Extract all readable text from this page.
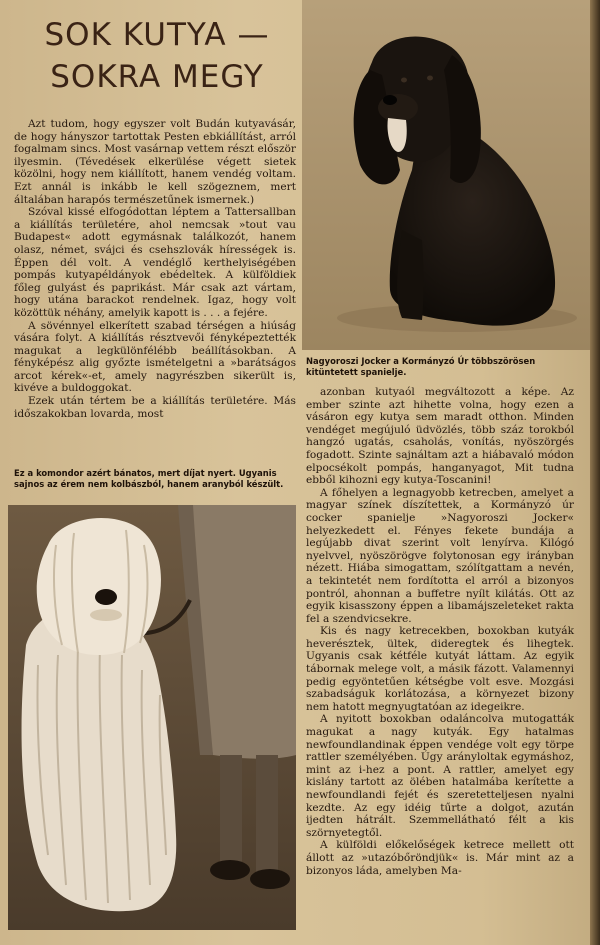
SOK KUTYA —
SOKRA MEGY

Azt tudom, hogy egyszer volt Budán kutyavásár, de hogy hányszor tartottak Pesten ebkiállítást, arról fogalmam sincs. Most vasárnap vettem részt először ilyesmin. (Tévedések elkerülése végett sietek közölni, hogy nem kiállított, hanem vendég voltam. Ezt annál is inkább le kell szögeznem, mert általában harapós természetűnek ismernek.)

Szóval kissé elfogódottan léptem a Tattersallban a kiállítás területére, ahol nemcsak »tout vau Budapest« adott egymásnak találkozót, hanem olasz, német, svájci és csehszlovák hírességek is. Éppen dél volt. A vendéglő kerthelyiségében pompás kutyapéldányok ebédeltek. A külföldiek főleg gulyást és paprikást. Már csak azt vártam, hogy utána barackot rendelnek. Igaz, hogy volt közöttük néhány, amelyik kapott is . . . a fejére.

A sövénnyel elkerített szabad térségen a hiúság vására folyt. A kiállítás résztvevői fényképeztették magukat a legkülönfélébb beállításokban. A fényképész alig győzte ismételgetni a »barátságos arcot kérek«-et, amely nagyrészben sikerült is, kivéve a buldoggokat.

Ezek után tértem be a kiállítás területére. Más időszakokban lovarda, most

Ez a komondor azért bánatos, mert díjat nyert. Ugyanis sajnos az érem nem kolbászból, hanem aranyból készült.
Nagyoroszi Jocker a Kormányzó Úr többszörösen kitüntetett spanielje.

azonban kutyaól megváltozott a képe. Az ember szinte azt hihette volna, hogy ezen a vásáron egy kutya sem maradt otthon. Minden vendéget megújuló üdvözlés, több száz torokból hangzó ugatás, csaholás, vonítás, nyöszörgés fogadott. Szinte sajnáltam azt a hiábavaló módon elpocsékolt pompás, hanganyagot, Mit tudna ebből kihozni egy kutya-Toscanini!

A főhelyen a legnagyobb ketrecben, amelyet a magyar színek díszítettek, a Kormányzó úr cocker spanielje »Nagyoroszi Jocker« helyezkedett el. Fényes fekete bundája a legújabb divat szerint volt lenyírva. Kilógó nyelvvel, nyöszörögve folytonosan egy irányban nézett. Hiába simogattam, szólítgattam a nevén, a tekintetét nem fordította el arról a bizonyos pontról, ahonnan a buffetre nyílt kilátás. Ott az egyik kisasszony éppen a libamájszeleteket rakta fel a szendvicsekre.

Kis és nagy ketrecekben, boxokban kutyák heverésztek, ültek, dideregtek és lihegtek. Ugyanis csak kétféle kutyát láttam. Az egyik tábornak melege volt, a másik fázott. Valamennyi pedig egyöntetűen kétségbe volt esve. Mozgási szabadságuk korlátozása, a környezet bizony nem hatott megnyugtatóan az idegeikre.

A nyitott boxokban odaláncolva mutogatták magukat a nagy kutyák. Egy hatalmas newfoundlandinak éppen vendége volt egy törpe rattler személyében. Úgy arányloltak egymáshoz, mint az i-hez a pont. A rattler, amelyet egy kislány tartott az ölében hatalmába kerítette a newfoundlandi fejét és szeretetteljesen nyalni kezdte. Az egy idéig tűrte a dolgot, azután ijedten hátrált. Szemmellátható félt a kis szörnyetegtől.

A külföldi előkelőségek ketrece mellett ott állott az »utazóbőröndjük« is. Már mint az a bizonyos láda, amelyben Ma-
